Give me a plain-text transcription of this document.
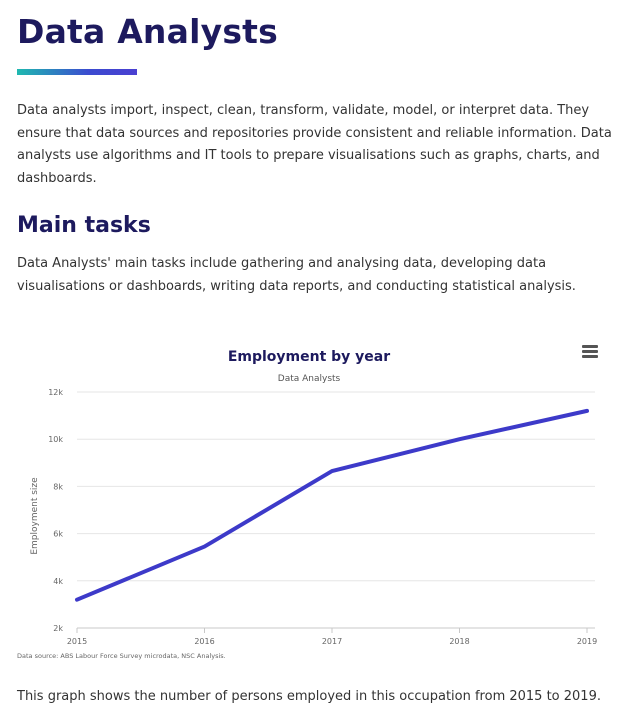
Data Analysts

Data analysts import, inspect, clean, transform, validate, model, or interpret data. They ensure that data sources and repositories provide consistent and reliable information. Data analysts use algorithms and IT tools to prepare visualisations such as graphs, charts, and dashboards.

Main tasks

Data Analysts' main tasks include gathering and analysing data, developing data visualisations or dashboards, writing data reports, and conducting statistical analysis.

Employment by year
Data Analysts
Employment size
2k
4k
6k
8k
10k
12k
2015	2016	2017	2018	2019
Data source: ABS Labour Force Survey microdata, NSC Analysis.

This graph shows the number of persons employed in this occupation from 2015 to 2019.
